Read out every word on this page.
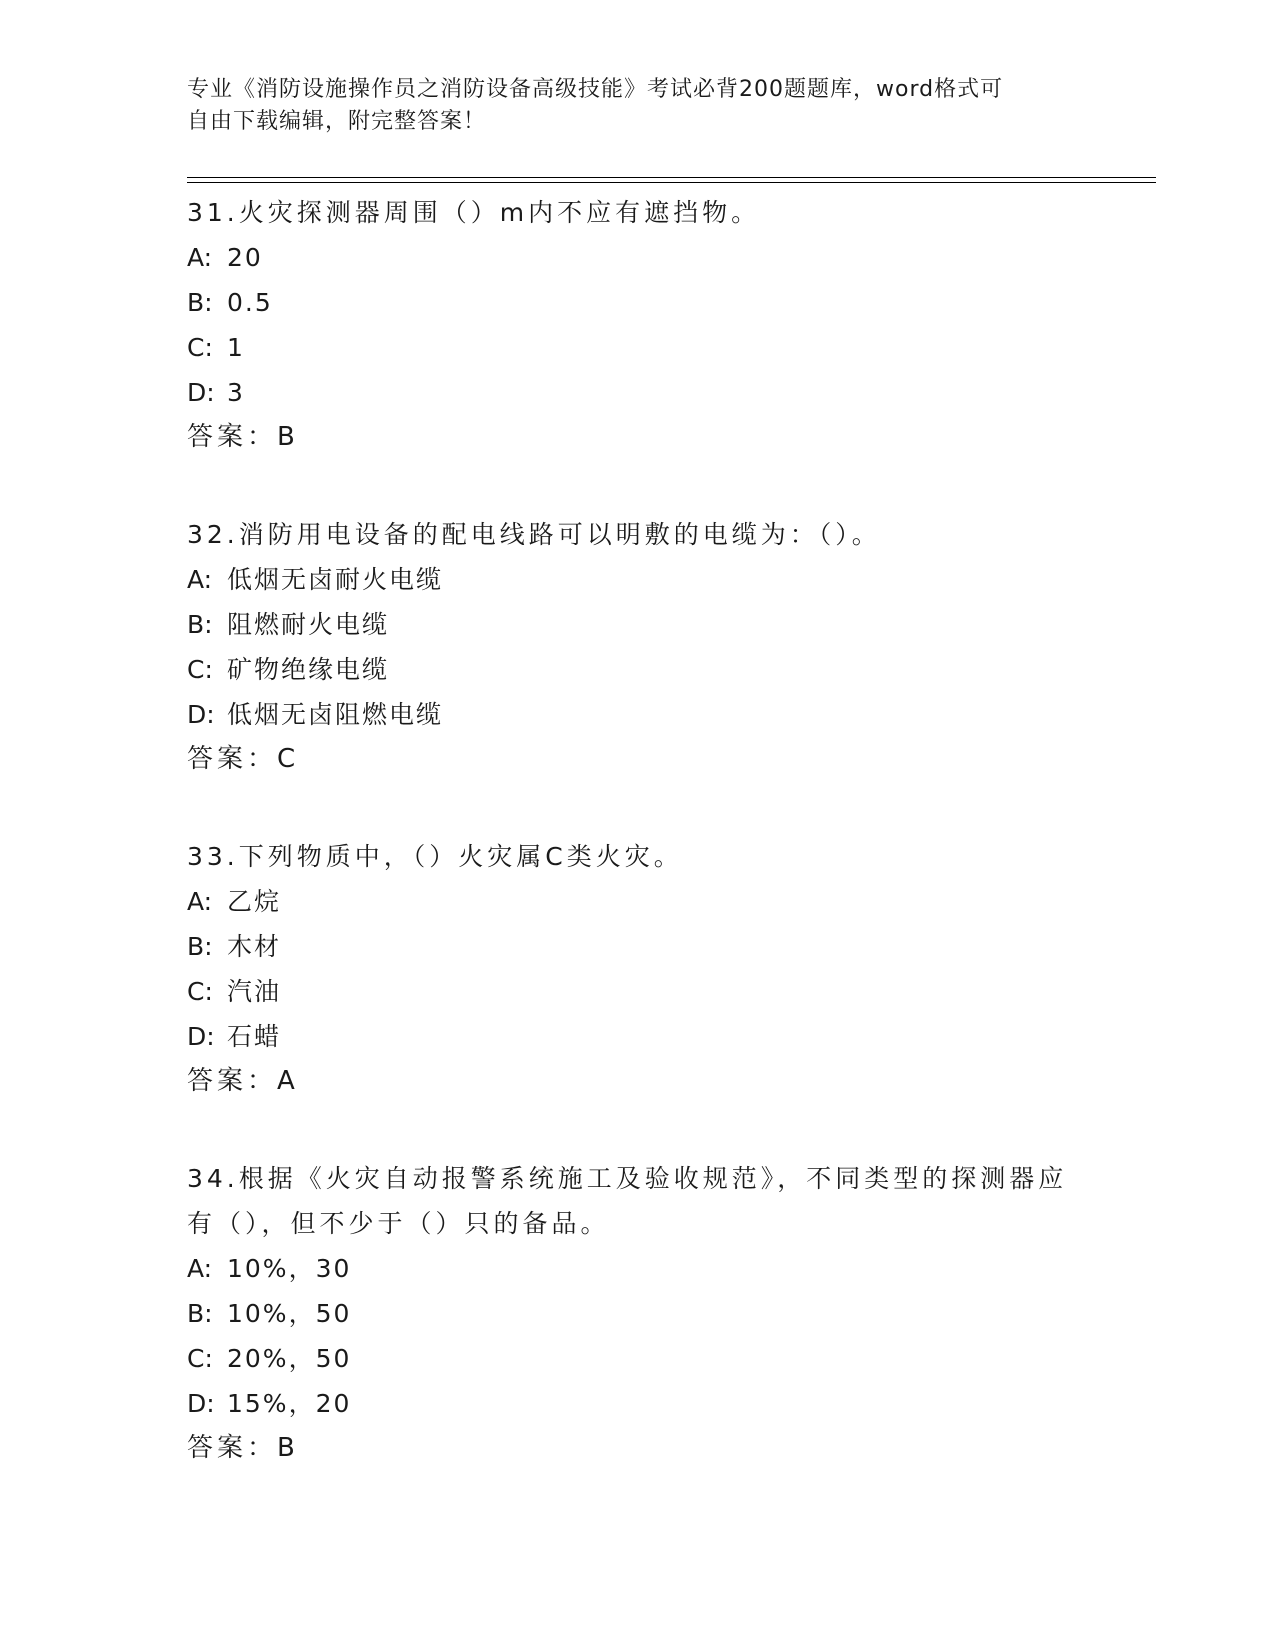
专业《消防设施操作员之消防设备高级技能》考试必背200题题库，word格式可
自由下载编辑，附完整答案！
31.火灾探测器周围（）m内不应有遮挡物。
A: 20
B: 0.5
C: 1
D: 3
答案：B
32.消防用电设备的配电线路可以明敷的电缆为：（）。
A: 低烟无卤耐火电缆
B: 阻燃耐火电缆
C: 矿物绝缘电缆
D: 低烟无卤阻燃电缆
答案：C
33.下列物质中，（）火灾属C类火灾。
A: 乙烷
B: 木材
C: 汽油
D: 石蜡
答案：A
34.根据《火灾自动报警系统施工及验收规范》，不同类型的探测器应有（），但不少于（）只的备品。
A: 10%，30
B: 10%，50
C: 20%，50
D: 15%，20
答案：B
